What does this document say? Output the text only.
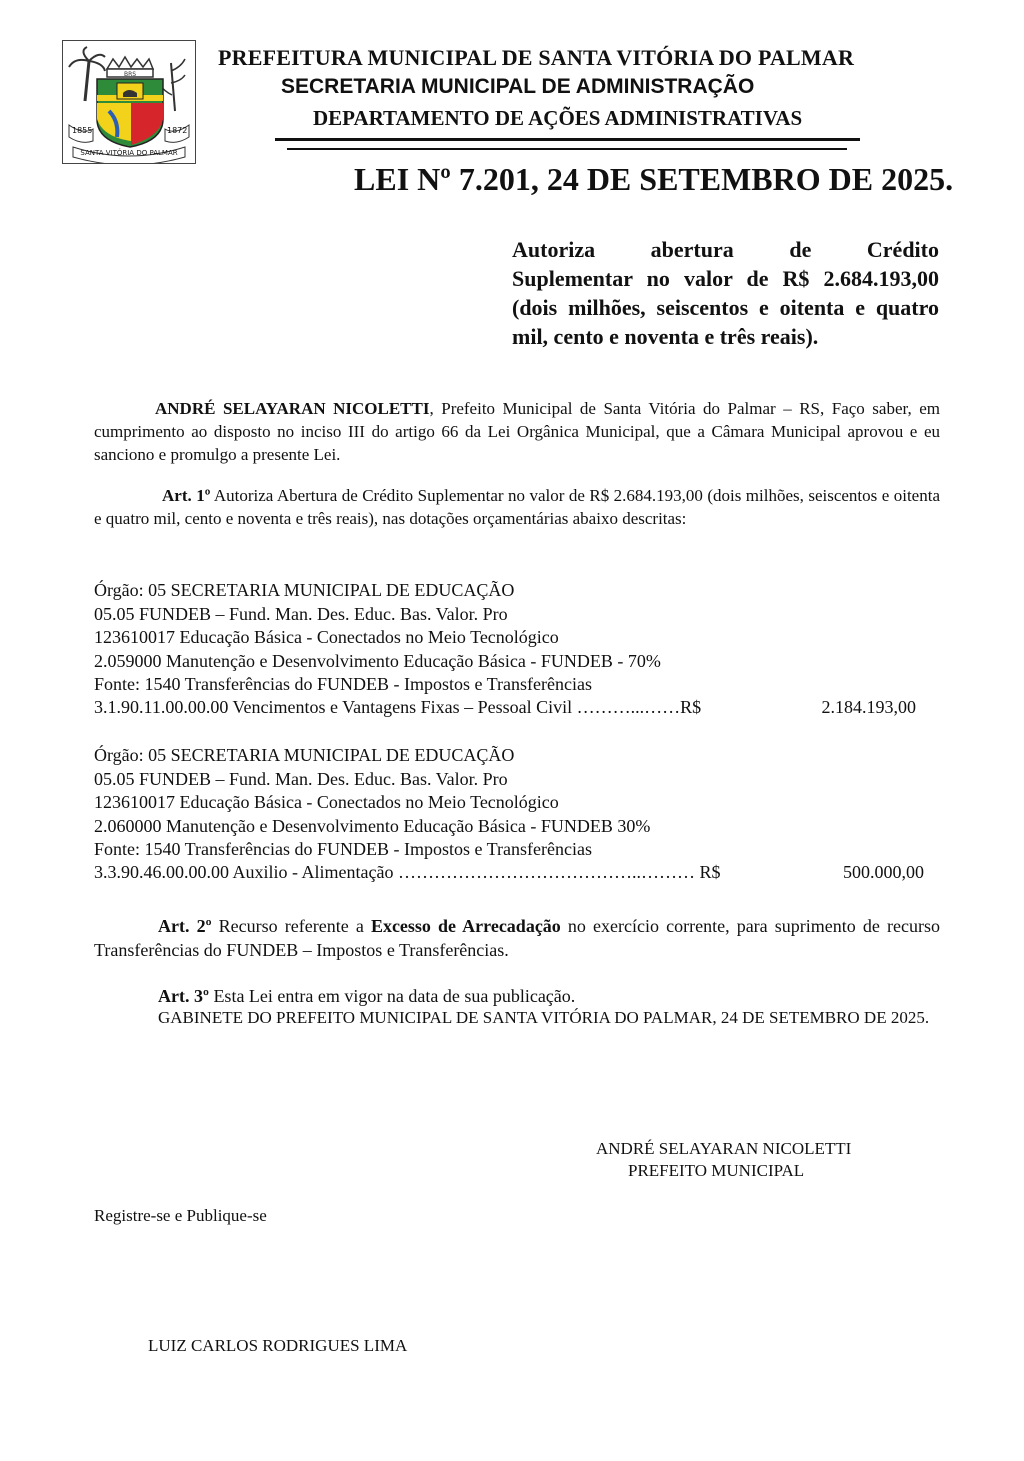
BRS
1855	1872
SANTA VITÓRIA DO PALMAR
PREFEITURA MUNICIPAL DE SANTA VITÓRIA DO PALMAR
SECRETARIA MUNICIPAL DE ADMINISTRAÇÃO
DEPARTAMENTO DE AÇÕES ADMINISTRATIVAS
LEI Nº 7.201, 24 DE SETEMBRO DE 2025.
Autoriza abertura de Crédito
Suplementar no valor de R$ 2.684.193,00 (dois milhões, seiscentos e oitenta e quatro mil, cento e noventa e três reais).
ANDRÉ SELAYARAN NICOLETTI, Prefeito Municipal de Santa Vitória do Palmar – RS, Faço saber, em cumprimento ao disposto no inciso III do artigo 66 da Lei Orgânica Municipal, que a Câmara Municipal aprovou e eu sanciono e promulgo a presente Lei.
Art. 1º Autoriza Abertura de Crédito Suplementar no valor de R$ 2.684.193,00 (dois milhões, seiscentos e oitenta e quatro mil, cento e noventa e três reais), nas dotações orçamentárias abaixo descritas:
Órgão: 05 SECRETARIA MUNICIPAL DE EDUCAÇÃO
05.05 FUNDEB – Fund. Man. Des. Educ. Bas. Valor. Pro
123610017 Educação Básica - Conectados no Meio Tecnológico
2.059000 Manutenção e Desenvolvimento Educação Básica - FUNDEB - 70%
Fonte: 1540 Transferências do FUNDEB - Impostos e Transferências
3.1.90.11.00.00.00 Vencimentos e Vantagens Fixas – Pessoal Civil ………...……R$	2.184.193,00
Órgão: 05 SECRETARIA MUNICIPAL DE EDUCAÇÃO
05.05 FUNDEB – Fund. Man. Des. Educ. Bas. Valor. Pro
123610017 Educação Básica - Conectados no Meio Tecnológico
2.060000 Manutenção e Desenvolvimento Educação Básica - FUNDEB 30%
Fonte: 1540 Transferências do FUNDEB - Impostos e Transferências
3.3.90.46.00.00.00 Auxilio - Alimentação …………………………………..……… R$	500.000,00
Art. 2º Recurso referente a Excesso de Arrecadação no exercício corrente, para suprimento de recurso Transferências do FUNDEB – Impostos e Transferências.
Art. 3º Esta Lei entra em vigor na data de sua publicação.
GABINETE DO PREFEITO MUNICIPAL DE SANTA VITÓRIA DO PALMAR, 24 DE SETEMBRO DE 2025.
ANDRÉ SELAYARAN NICOLETTI
PREFEITO MUNICIPAL
Registre-se e Publique-se
LUIZ CARLOS RODRIGUES LIMA
